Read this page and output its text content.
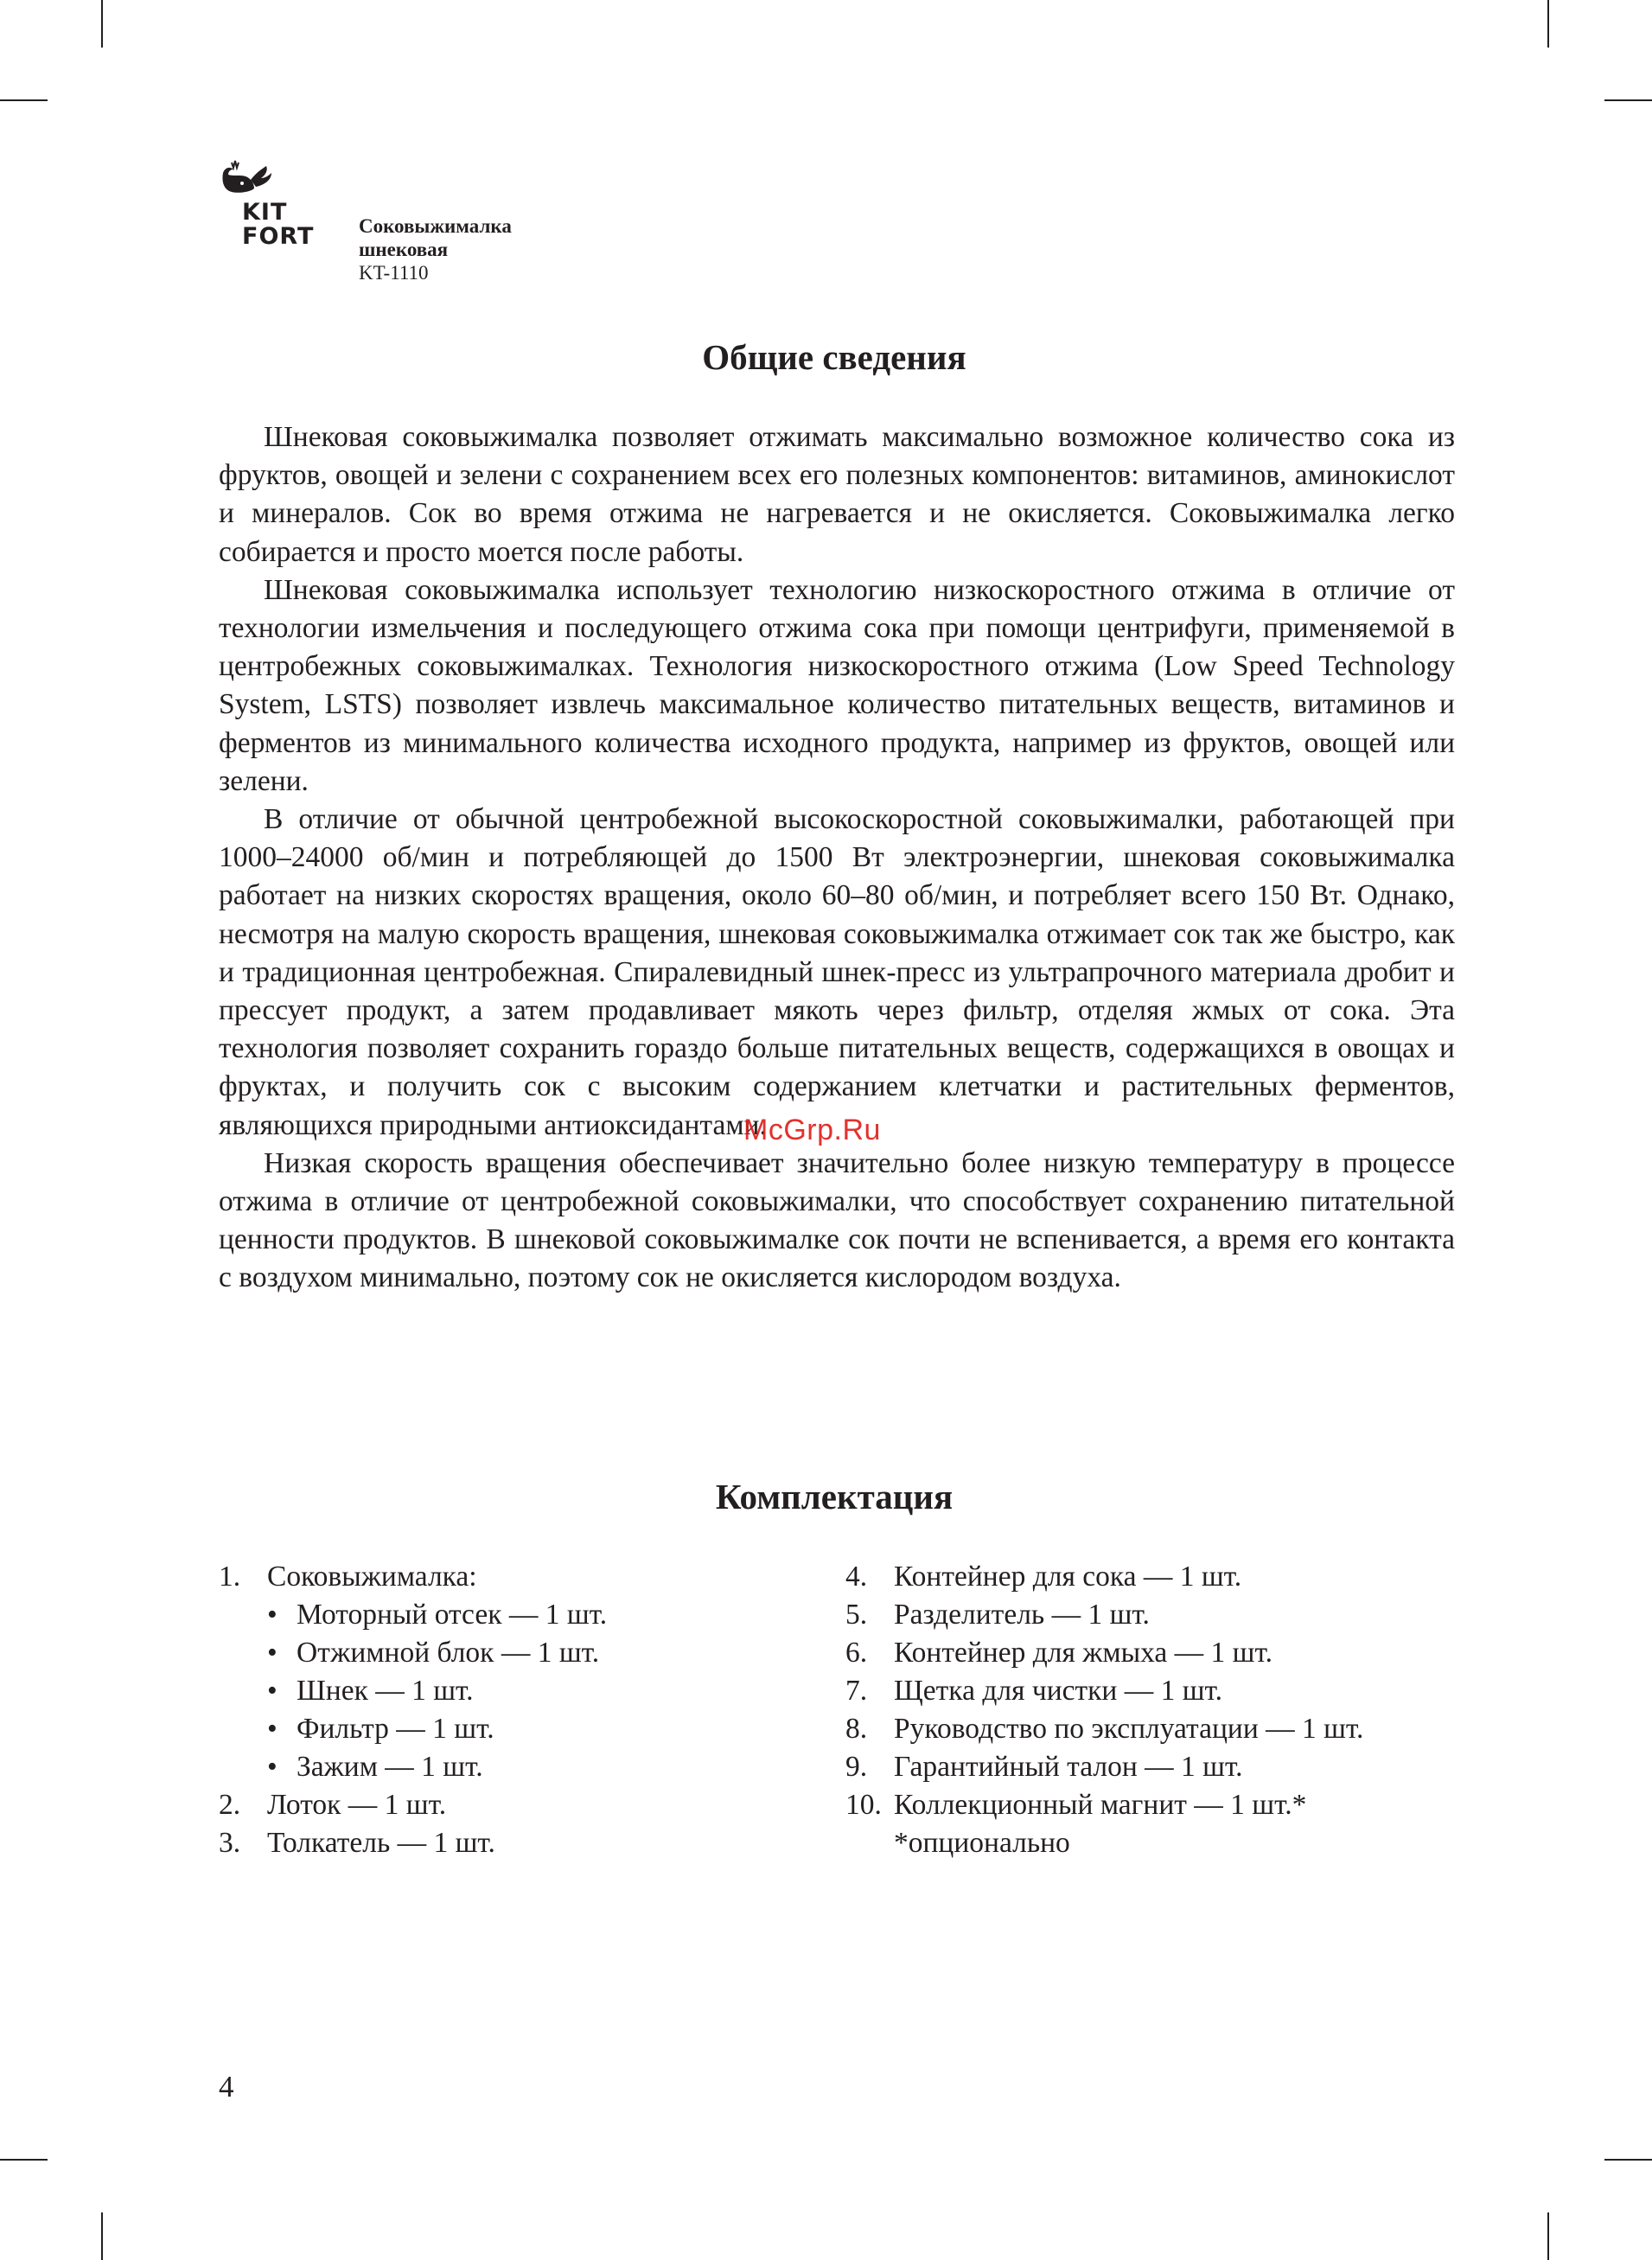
KIT
FORT Соковыжималка
шнековая
KT-1110
Общие сведения

Шнековая соковыжималка позволяет отжимать максимально возможное количество сока из фруктов, овощей и зелени с сохранением всех его полезных компонентов: витаминов, аминокислот и минералов. Сок во время отжима не нагревается и не окисляется. Соковыжималка легко собирается и просто моется после работы.

Шнековая соковыжималка использует технологию низкоскоростного отжима в отличие от технологии измельчения и последующего отжима сока при помощи центрифуги, применяемой в центробежных соковыжималках. Технология низкоскоростного отжима (Low Speed Technology System, LSTS) позволяет извлечь максимальное количество питательных веществ, витаминов и ферментов из минимального количества исходного продукта, например из фруктов, овощей или зелени.

В отличие от обычной центробежной высокоскоростной соковыжималки, работающей при 1000–24000 об/мин и потребляющей до 1500 Вт электроэнергии, шнековая соковыжималка работает на низких скоростях вращения, около 60–80 об/мин, и потребляет всего 150 Вт. Однако, несмотря на малую скорость вращения, шнековая соковыжималка отжимает сок так же быстро, как и традиционная центробежная. Спиралевидный шнек-пресс из ультрапрочного материала дробит и прессует продукт, а затем продавливает мякоть через фильтр, отделяя жмых от сока. Эта технология позволяет сохранить гораздо больше питательных веществ, содержащихся в овощах и фруктах, и получить сок с высоким содержанием клетчатки и растительных ферментов, являющихся природными антиоксидантами.

Низкая скорость вращения обеспечивает значительно более низкую температуру в процессе отжима в отличие от центробежной соковыжималки, что способствует сохранению питательной ценности продуктов. В шнековой соковыжималке сок почти не вспенивается, а время его контакта с воздухом минимально, поэтому сок не окисляется кислородом воздуха.

McGrp.Ru
Комплектация
1. Соковыжималка:
• Моторный отсек — 1 шт.
• Отжимной блок — 1 шт.
• Шнек — 1 шт.
• Фильтр — 1 шт.
• Зажим — 1 шт.
2. Лоток — 1 шт.
3. Толкатель — 1 шт.
4. Контейнер для сока — 1 шт.
5. Разделитель — 1 шт.
6. Контейнер для жмыха — 1 шт.
7. Щетка для чистки — 1 шт.
8. Руководство по эксплуатации — 1 шт.
9. Гарантийный талон — 1 шт.
10. Коллекционный магнит — 1 шт.*
*опционально
4
